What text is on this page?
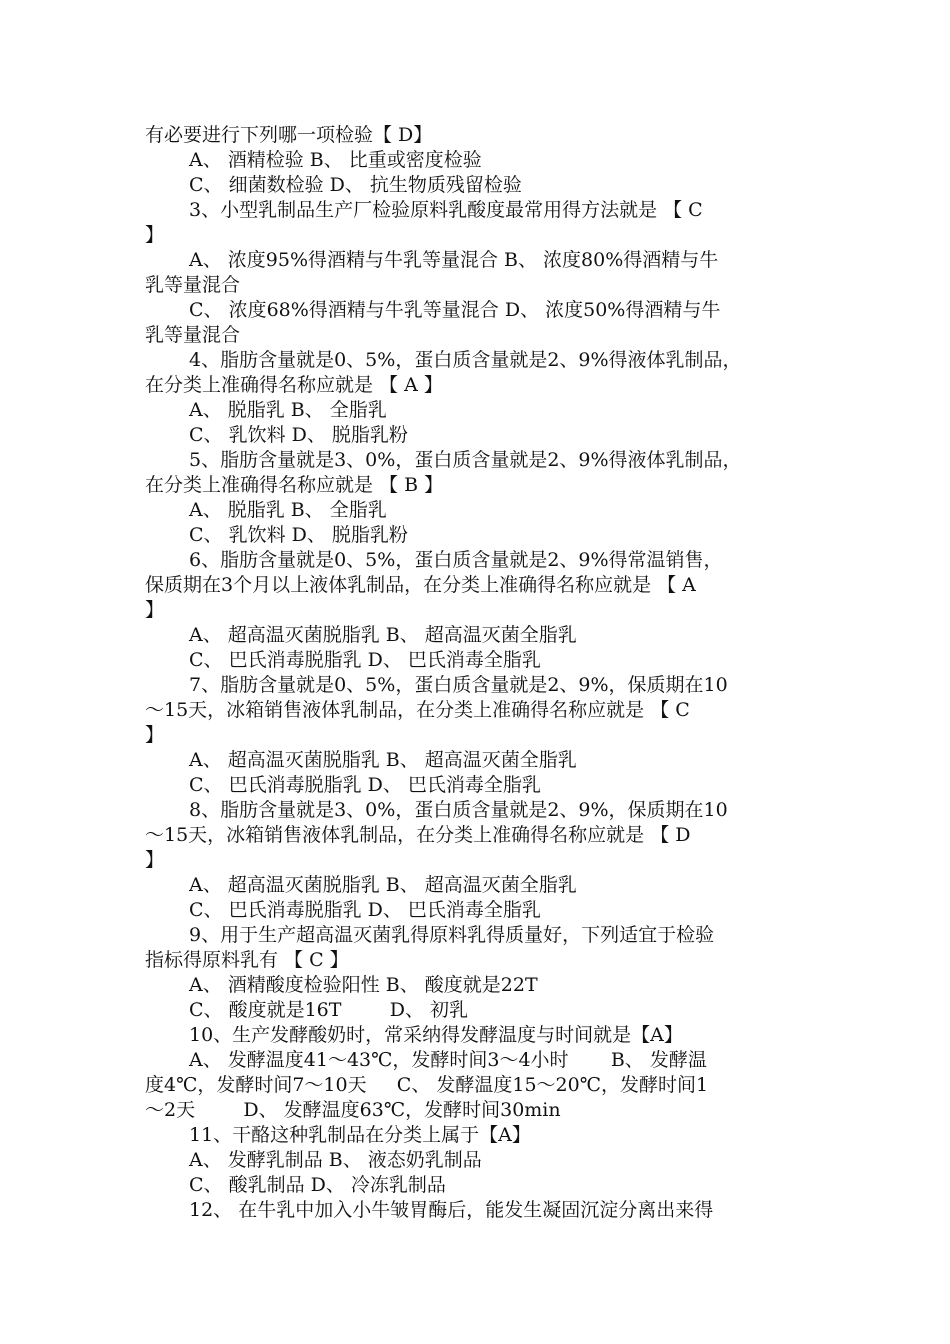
有必要进行下列哪一项检验【 D】
A、 酒精检验 B、 比重或密度检验
C、 细菌数检验 D、 抗生物质残留检验
3、小型乳制品生产厂检验原料乳酸度最常用得方法就是 【 C
】
A、 浓度95%得酒精与牛乳等量混合 B、 浓度80%得酒精与牛
乳等量混合
C、 浓度68%得酒精与牛乳等量混合 D、 浓度50%得酒精与牛
乳等量混合
4、脂肪含量就是0、5%，蛋白质含量就是2、9%得液体乳制品，
在分类上准确得名称应就是 【 A 】
A、 脱脂乳 B、 全脂乳
C、 乳饮料 D、 脱脂乳粉
5、脂肪含量就是3、0%，蛋白质含量就是2、9%得液体乳制品，
在分类上准确得名称应就是 【 B 】
A、 脱脂乳 B、 全脂乳
C、 乳饮料 D、 脱脂乳粉
6、脂肪含量就是0、5%，蛋白质含量就是2、9%得常温销售，
保质期在3个月以上液体乳制品，在分类上准确得名称应就是 【 A
】
A、 超高温灭菌脱脂乳 B、 超高温灭菌全脂乳
C、 巴氏消毒脱脂乳 D、 巴氏消毒全脂乳
7、脂肪含量就是0、5%，蛋白质含量就是2、9%，保质期在10
～15天，冰箱销售液体乳制品，在分类上准确得名称应就是 【 C
】
A、 超高温灭菌脱脂乳 B、 超高温灭菌全脂乳
C、 巴氏消毒脱脂乳 D、 巴氏消毒全脂乳
8、脂肪含量就是3、0%，蛋白质含量就是2、9%，保质期在10
～15天，冰箱销售液体乳制品，在分类上准确得名称应就是 【 D
】
A、 超高温灭菌脱脂乳 B、 超高温灭菌全脂乳
C、 巴氏消毒脱脂乳 D、 巴氏消毒全脂乳
9、用于生产超高温灭菌乳得原料乳得质量好，下列适宜于检验
指标得原料乳有 【 C 】
A、 酒精酸度检验阳性 B、 酸度就是22T
C、 酸度就是16T        D、 初乳
10、生产发酵酸奶时，常采纳得发酵温度与时间就是【A】
A、 发酵温度41～43℃，发酵时间3～4小时       B、 发酵温
度4℃，发酵时间7～10天     C、 发酵温度15～20℃，发酵时间1
～2天        D、 发酵温度63℃，发酵时间30min
11、干酪这种乳制品在分类上属于【A】
A、 发酵乳制品 B、 液态奶乳制品
C、 酸乳制品 D、 冷冻乳制品
12、 在牛乳中加入小牛皱胃酶后，能发生凝固沉淀分离出来得
